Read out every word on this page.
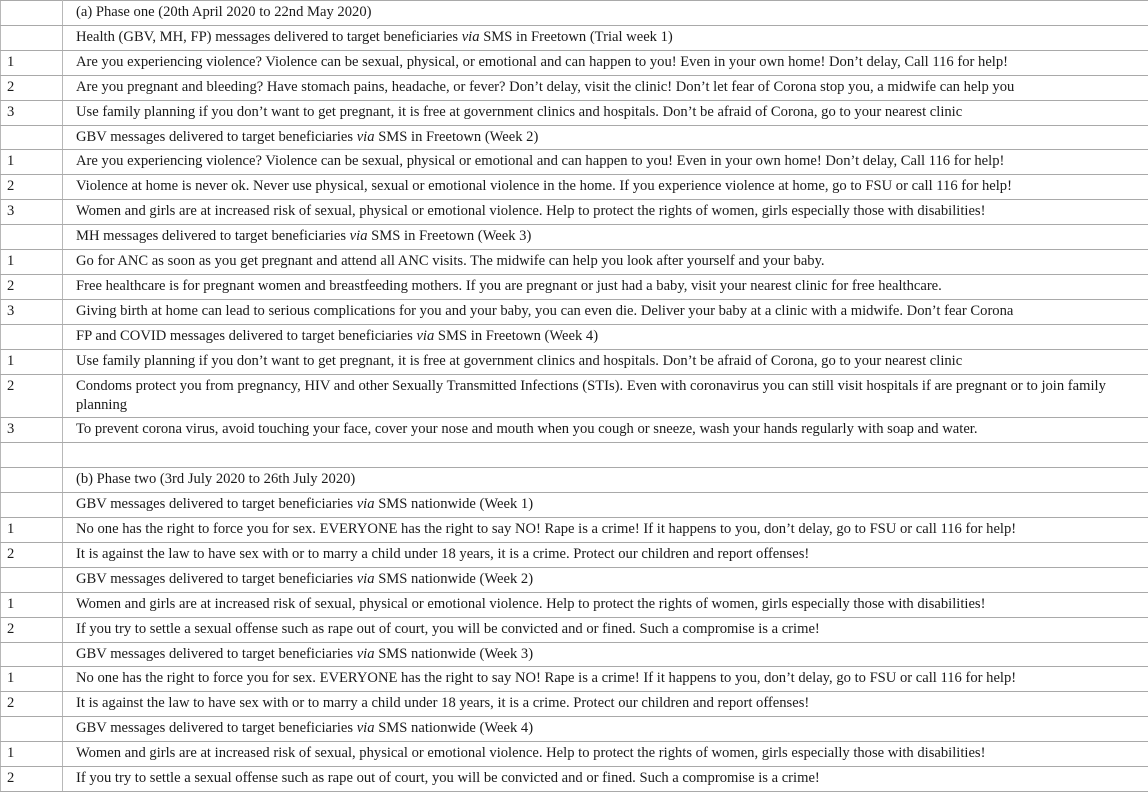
	(a) Phase one (20th April 2020 to 22nd May 2020)
	Health (GBV, MH, FP) messages delivered to target beneficiaries via SMS in Freetown (Trial week 1)
1	Are you experiencing violence? Violence can be sexual, physical, or emotional and can happen to you! Even in your own home! Don’t delay, Call 116 for help!
2	Are you pregnant and bleeding? Have stomach pains, headache, or fever? Don’t delay, visit the clinic! Don’t let fear of Corona stop you, a midwife can help you
3	Use family planning if you don’t want to get pregnant, it is free at government clinics and hospitals. Don’t be afraid of Corona, go to your nearest clinic
	GBV messages delivered to target beneficiaries via SMS in Freetown (Week 2)
1	Are you experiencing violence? Violence can be sexual, physical or emotional and can happen to you! Even in your own home! Don’t delay, Call 116 for help!
2	Violence at home is never ok. Never use physical, sexual or emotional violence in the home. If you experience violence at home, go to FSU or call 116 for help!
3	Women and girls are at increased risk of sexual, physical or emotional violence. Help to protect the rights of women, girls especially those with disabilities!
	MH messages delivered to target beneficiaries via SMS in Freetown (Week 3)
1	Go for ANC as soon as you get pregnant and attend all ANC visits. The midwife can help you look after yourself and your baby.
2	Free healthcare is for pregnant women and breastfeeding mothers. If you are pregnant or just had a baby, visit your nearest clinic for free healthcare.
3	Giving birth at home can lead to serious complications for you and your baby, you can even die. Deliver your baby at a clinic with a midwife. Don’t fear Corona
	FP and COVID messages delivered to target beneficiaries via SMS in Freetown (Week 4)
1	Use family planning if you don’t want to get pregnant, it is free at government clinics and hospitals. Don’t be afraid of Corona, go to your nearest clinic
2	Condoms protect you from pregnancy, HIV and other Sexually Transmitted Infections (STIs). Even with coronavirus you can still visit hospitals if are pregnant or to join family planning
3	To prevent corona virus, avoid touching your face, cover your nose and mouth when you cough or sneeze, wash your hands regularly with soap and water.

	(b) Phase two (3rd July 2020 to 26th July 2020)
	GBV messages delivered to target beneficiaries via SMS nationwide (Week 1)
1	No one has the right to force you for sex. EVERYONE has the right to say NO! Rape is a crime! If it happens to you, don’t delay, go to FSU or call 116 for help!
2	It is against the law to have sex with or to marry a child under 18 years, it is a crime. Protect our children and report offenses!
	GBV messages delivered to target beneficiaries via SMS nationwide (Week 2)
1	Women and girls are at increased risk of sexual, physical or emotional violence. Help to protect the rights of women, girls especially those with disabilities!
2	If you try to settle a sexual offense such as rape out of court, you will be convicted and or fined. Such a compromise is a crime!
	GBV messages delivered to target beneficiaries via SMS nationwide (Week 3)
1	No one has the right to force you for sex. EVERYONE has the right to say NO! Rape is a crime! If it happens to you, don’t delay, go to FSU or call 116 for help!
2	It is against the law to have sex with or to marry a child under 18 years, it is a crime. Protect our children and report offenses!
	GBV messages delivered to target beneficiaries via SMS nationwide (Week 4)
1	Women and girls are at increased risk of sexual, physical or emotional violence. Help to protect the rights of women, girls especially those with disabilities!
2	If you try to settle a sexual offense such as rape out of court, you will be convicted and or fined. Such a compromise is a crime!
